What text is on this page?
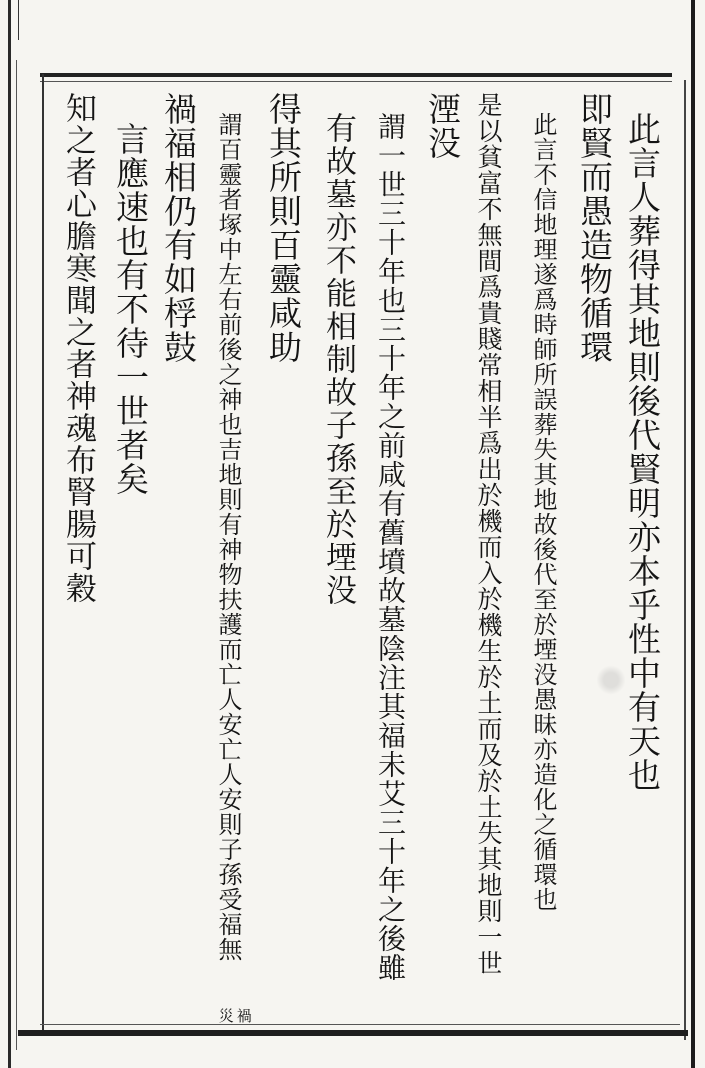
此言人葬得其地則後代賢明亦本乎性中有天也
即賢而愚造物循環
此言不信地理遂爲時師所誤葬失其地故後代至於堙没愚昧亦造化之循環也
是以貧富不無間爲貴賤常相半爲出於機而入於機生於土而及於土失其地則一世
湮没
謂一世三十年也三十年之前咸有舊墳故墓陰注其福未艾三十年之後雖
有故墓亦不能相制故子孫至於堙没
得其所則百靈咸助
謂百靈者塚中左右前後之神也吉地則有神物扶護而亡人安亡人安則子孫受福無
禍
災
禍福相仍有如桴鼓
言應速也有不待一世者矣
知之者心膽寒聞之者神魂布腎腸可穀
